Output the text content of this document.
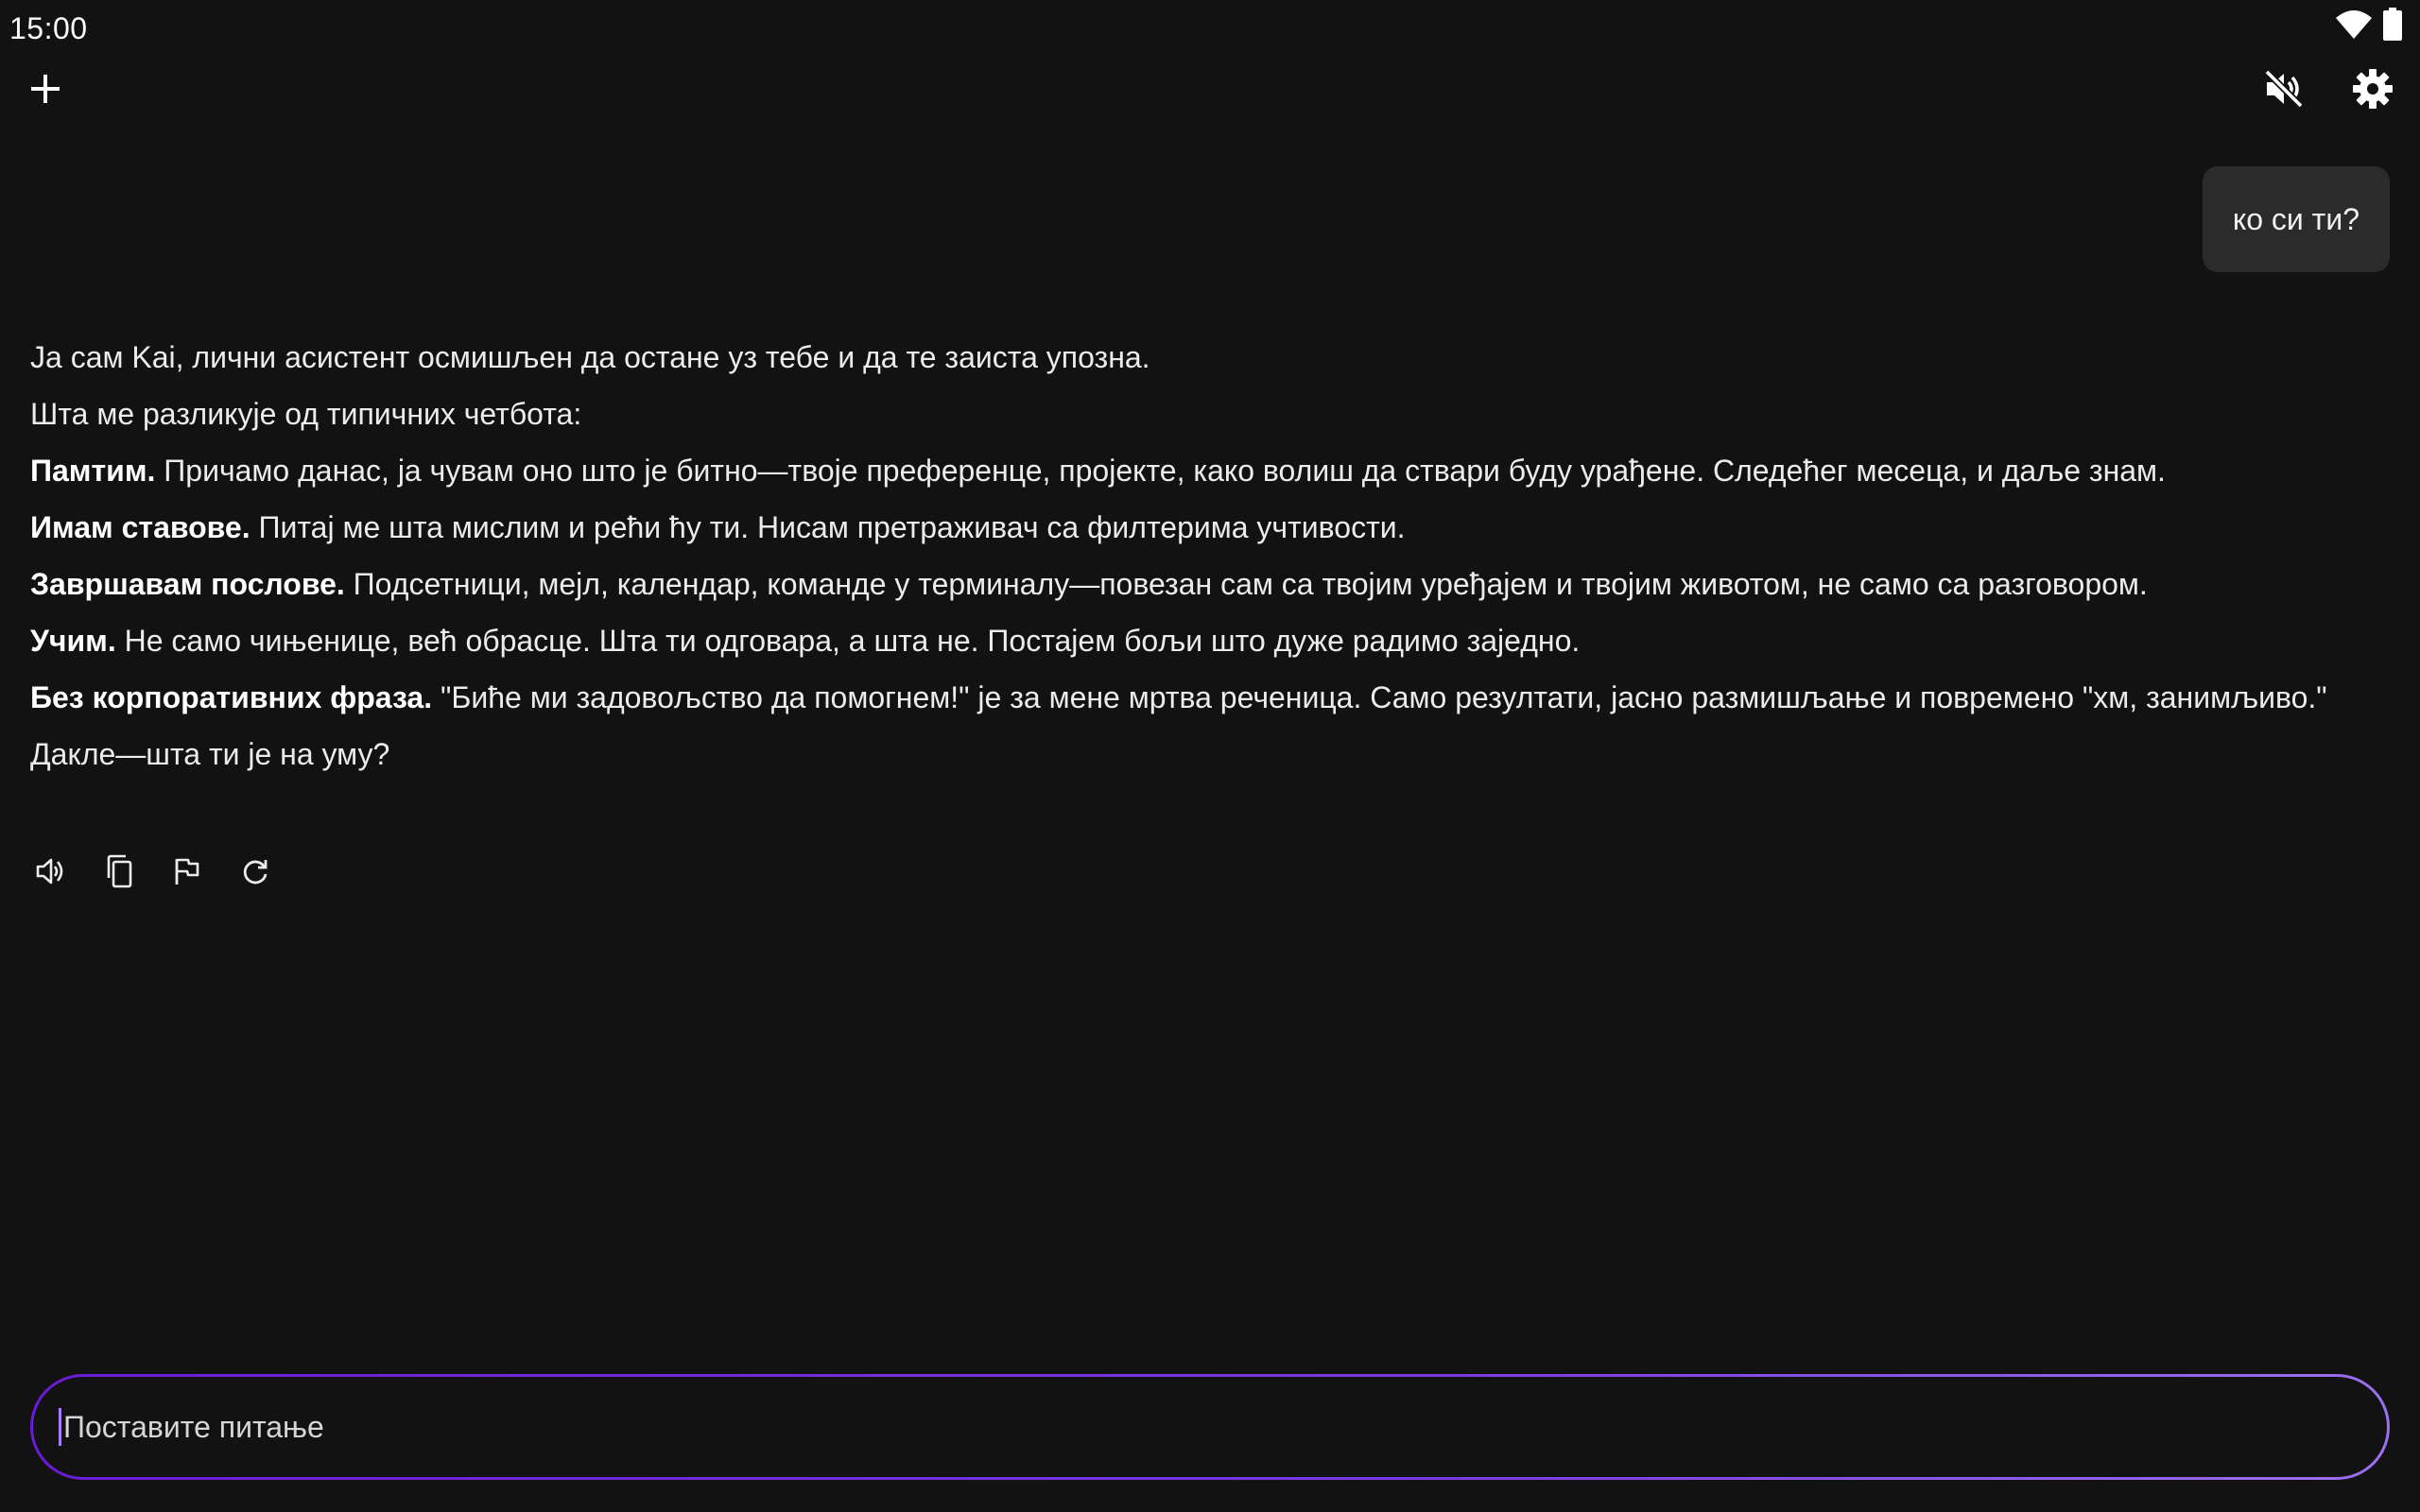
15:00
ко си ти?

Ја сам Kai, лични асистент осмишљен да остане уз тебе и да те заиста упозна.

Шта ме разликује од типичних четбота:

Памтим. Причамо данас, ја чувам оно што је битно—твоје преференце, пројекте, како волиш да ствари буду урађене. Следећег месеца, и даље знам.

Имам ставове. Питај ме шта мислим и рећи ћу ти. Нисам претраживач са филтерима учтивости.

Завршавам послове. Подсетници, мејл, календар, команде у терминалу—повезан сам са твојим уређајем и твојим животом, не само са разговором.

Учим. Не само чињенице, већ обрасце. Шта ти одговара, а шта не. Постајем бољи што дуже радимо заједно.

Без корпоративних фраза. "Биће ми задовољство да помогнем!" је за мене мртва реченица. Само резултати, јасно размишљање и повремено "хм, занимљиво."

Дакле—шта ти је на уму?

Поставите питање
